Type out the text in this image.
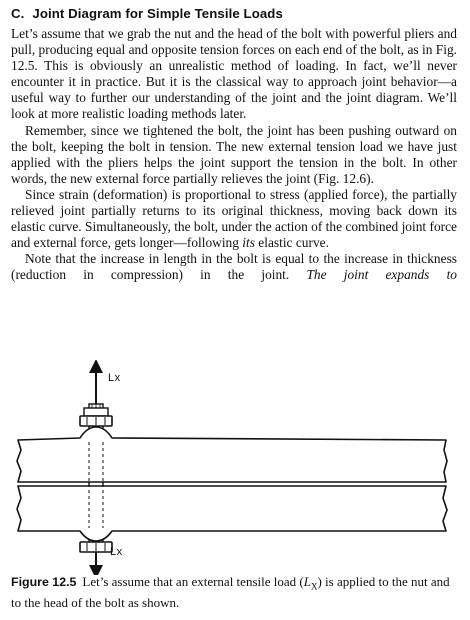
C. Joint Diagram for Simple Tensile Loads

Let’s assume that we grab the nut and the head of the bolt with powerful pliers and pull, producing equal and opposite tension forces on each end of the bolt, as in Fig. 12.5. This is obviously an unrealistic method of loading. In fact, we’ll never encounter it in practice. But it is the classical way to approach joint behavior—a useful way to further our understanding of the joint and the joint diagram. We’ll look at more realistic loading methods later.

Remember, since we tightened the bolt, the joint has been pushing outward on the bolt, keeping the bolt in tension. The new external tension load we have just applied with the pliers helps the joint support the tension in the bolt. In other words, the new external force partially relieves the joint (Fig. 12.6).

Since strain (deformation) is proportional to stress (applied force), the partially relieved joint partially returns to its original thickness, moving back down its elastic curve. Simultaneously, the bolt, under the action of the combined joint force and external force, gets longer—following its elastic curve.

Note that the increase in length in the bolt is equal to the increase in thickness (reduction in compression) in the joint. The joint expands to

Lx
Lx
Figure 12.5 Let’s assume that an external tensile load $(L_X)$ is applied to the nut and to the head of the bolt as shown.
